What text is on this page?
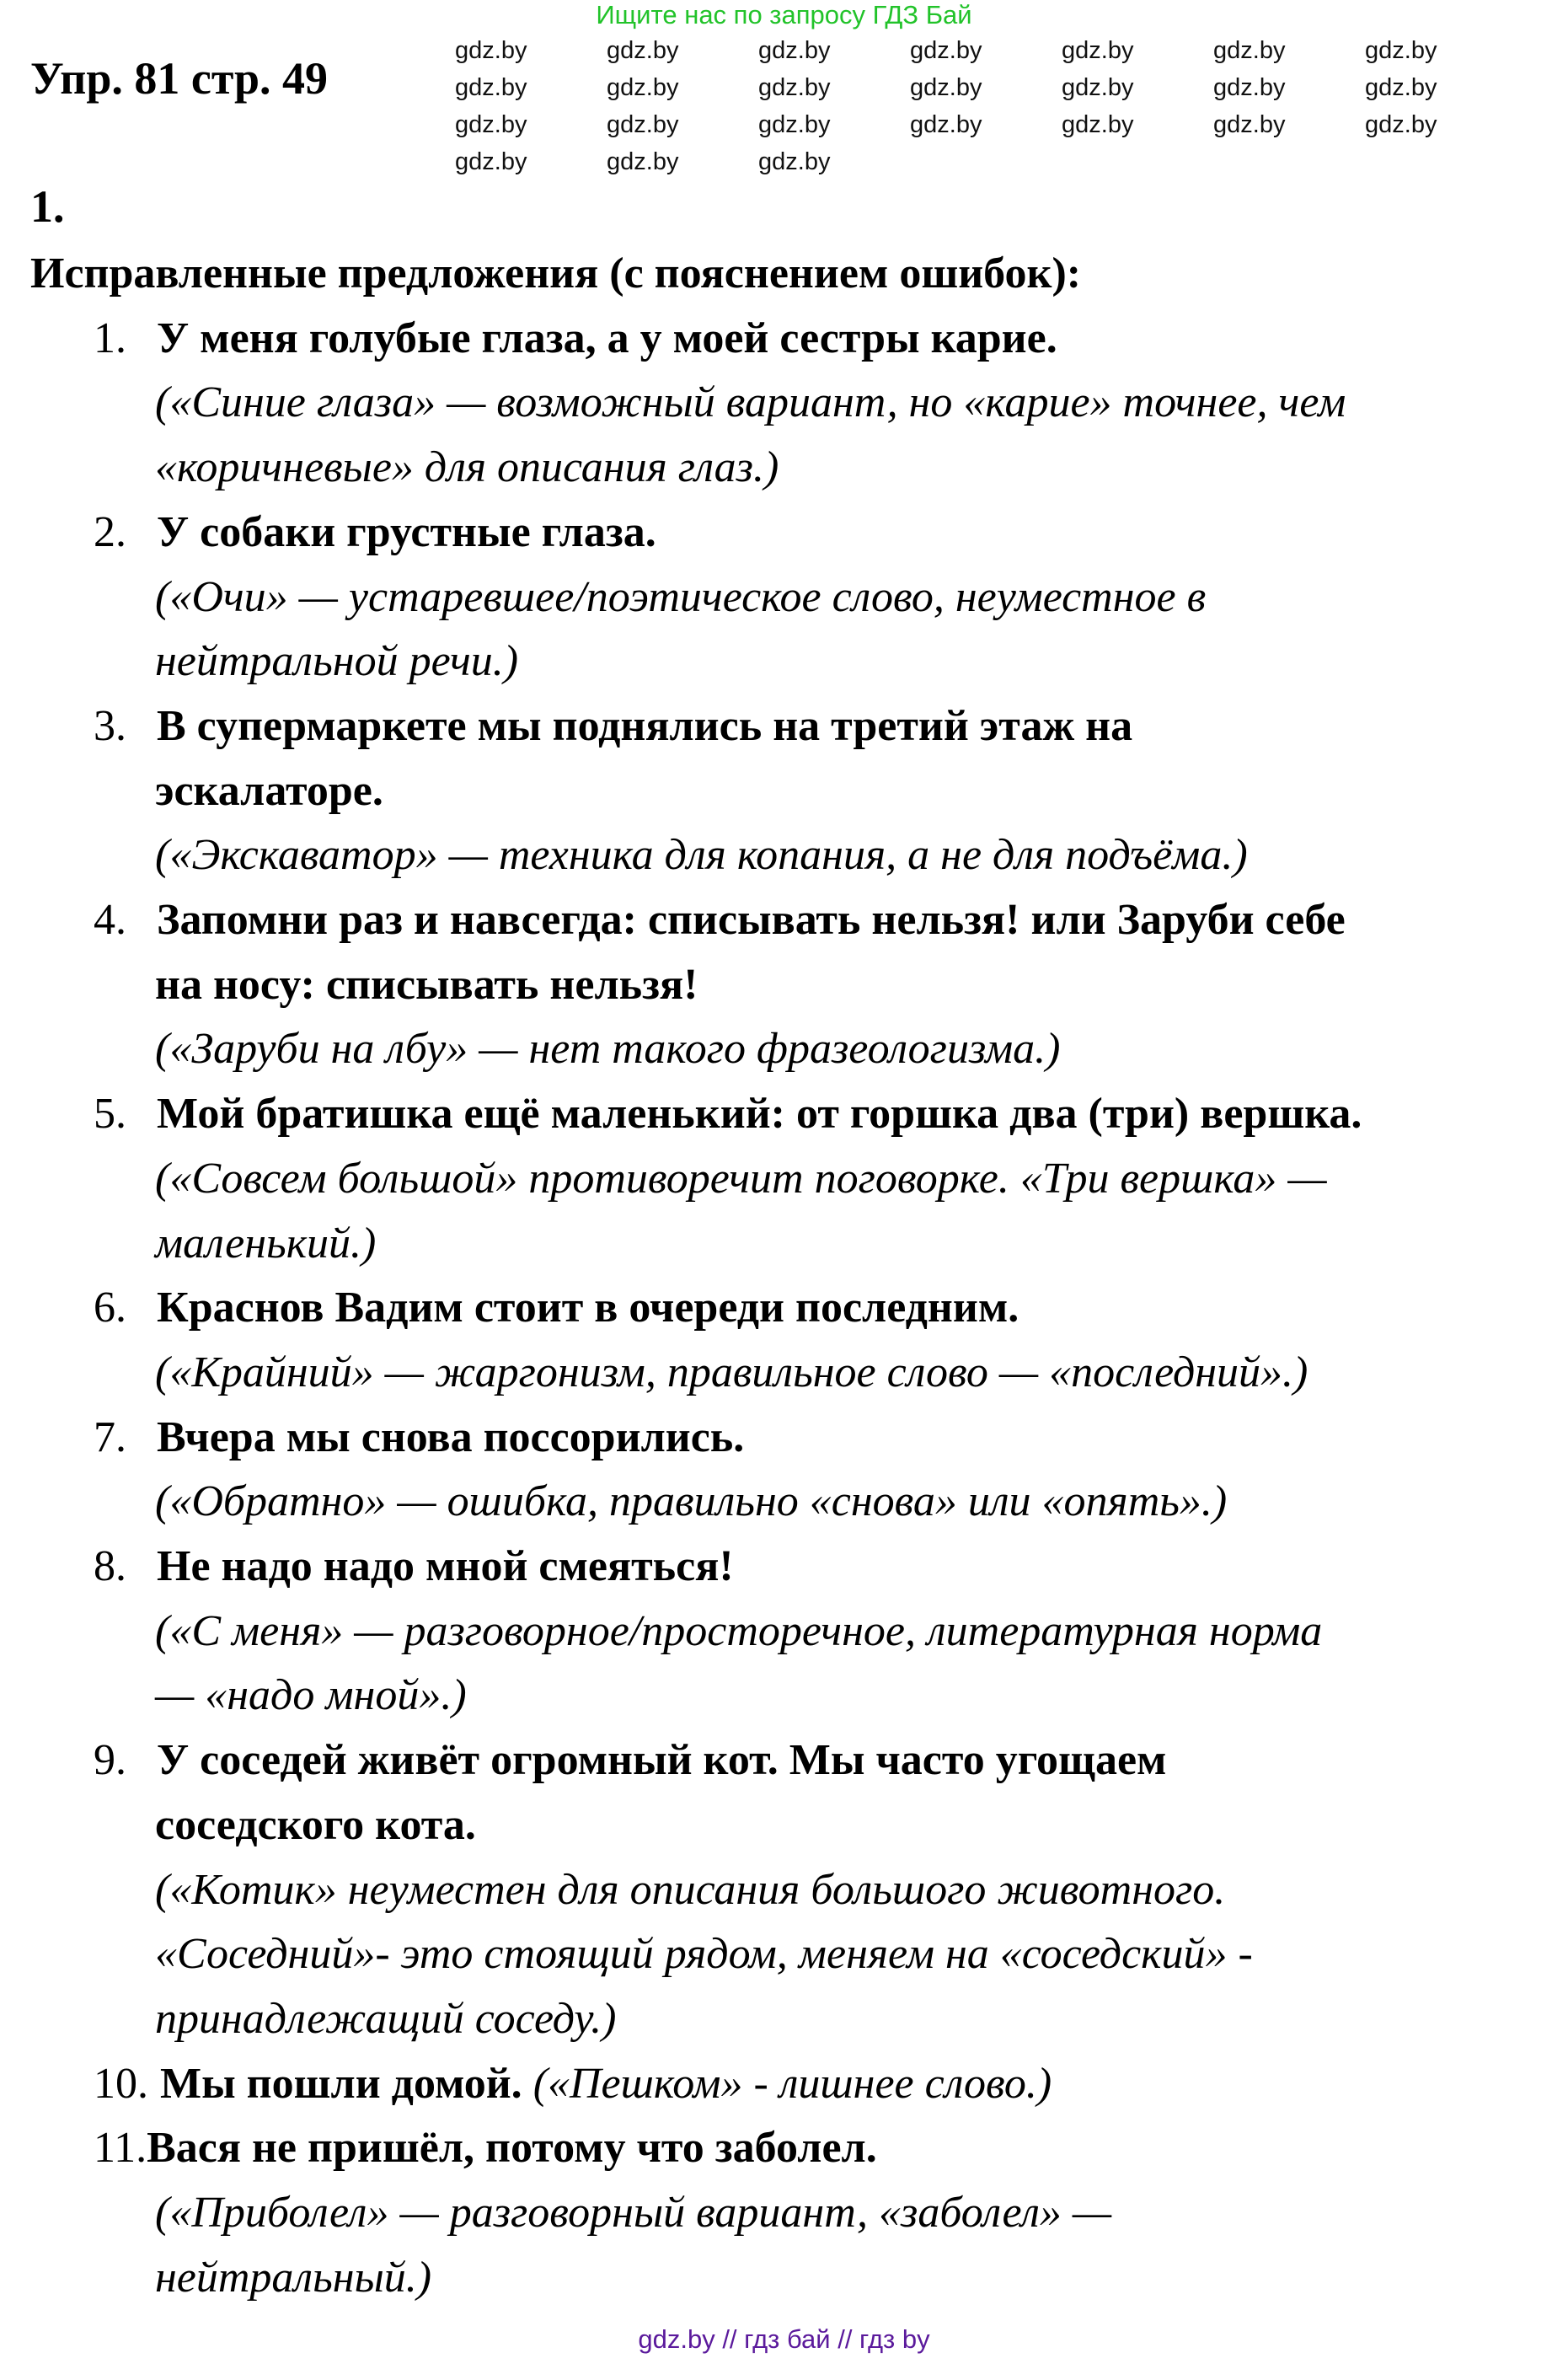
Ищите нас по запросу ГДЗ Бай
Упр. 81 стр. 49
1.
Исправленные предложения (с пояснением ошибок):
1. У меня голубые глаза, а у моей сестры карие.
(«Синие глаза» — возможный вариант, но «карие» точнее, чем
«коричневые» для описания глаз.)
2. У собаки грустные глаза.
(«Очи» — устаревшее/поэтическое слово, неуместное в
нейтральной речи.)
3. В супермаркете мы поднялись на третий этаж на
эскалаторе.
(«Экскаватор» — техника для копания, а не для подъёма.)
4. Запомни раз и навсегда: списывать нельзя! или Заруби себе
на носу: списывать нельзя!
(«Заруби на лбу» — нет такого фразеологизма.)
5. Мой братишка ещё маленький: от горшка два (три) вершка.
(«Совсем большой» противоречит поговорке. «Три вершка» —
маленький.)
6. Краснов Вадим стоит в очереди последним.
(«Крайний» — жаргонизм, правильное слово — «последний».)
7. Вчера мы снова поссорились.
(«Обратно» — ошибка, правильно «снова» или «опять».)
8. Не надо надо мной смеяться!
(«С меня» — разговорное/просторечное, литературная норма
— «надо мной».)
9. У соседей живёт огромный кот. Мы часто угощаем
соседского кота.
(«Котик» неуместен для описания большого животного.
«Соседний»- это стоящий рядом, меняем на «соседский» -
принадлежащий соседу.)
10. Мы пошли домой. («Пешком» - лишнее слово.)
11.Вася не пришёл, потому что заболел.
(«Приболел» — разговорный вариант, «заболел» —
нейтральный.)
gdz.by	gdz.by	gdz.by	gdz.by	gdz.by	gdz.by	gdz.by
gdz.by	gdz.by	gdz.by	gdz.by	gdz.by	gdz.by	gdz.by
gdz.by	gdz.by	gdz.by	gdz.by	gdz.by	gdz.by	gdz.by
gdz.by	gdz.by	gdz.by
gdz.by // гдз бай // гдз by
